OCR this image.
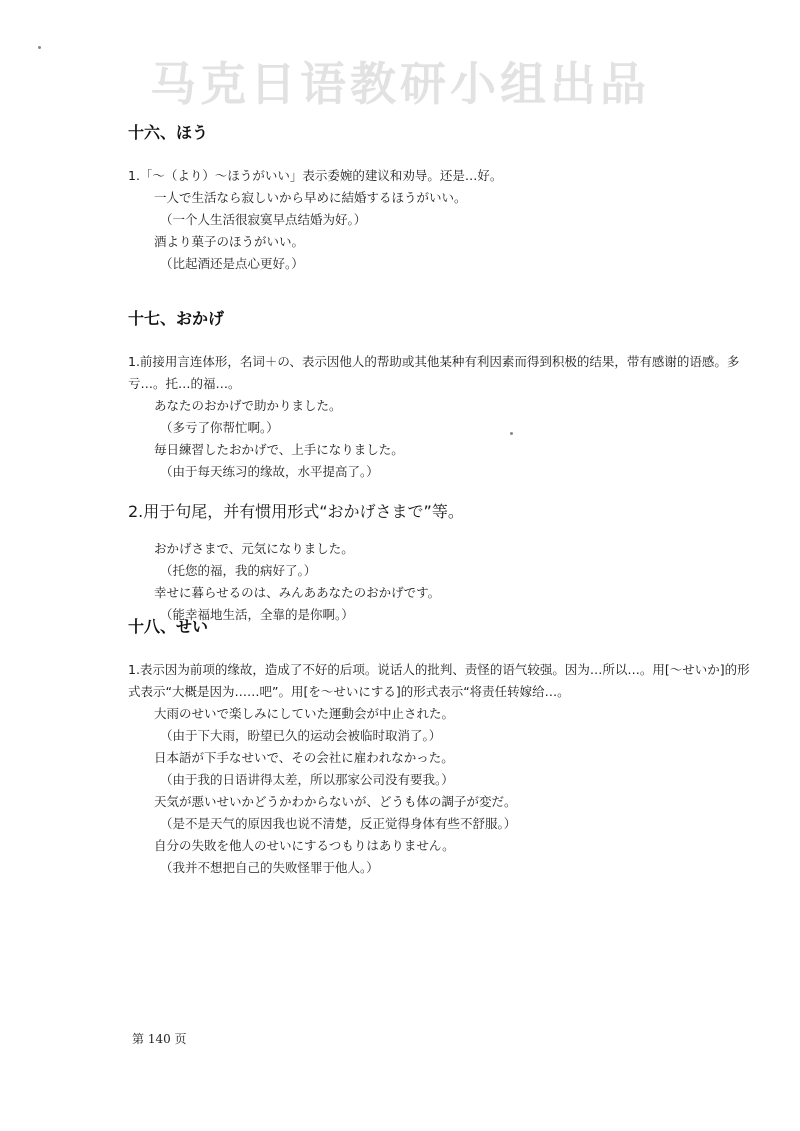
马克日语教研小组出品
十六、ほう

1.「～（より）～ほうがいい」表示委婉的建议和劝导。还是…好。

一人で生活なら寂しいから早めに結婚するほうがいい。
（一个人生活很寂寞早点结婚为好。）
酒より菓子のほうがいい。
（比起酒还是点心更好。）
十七、おかげ

1.前接用言连体形，名词＋の、表示因他人的帮助或其他某种有利因素而得到积极的结果，带有感谢的语感。多亏…。托…的福…。

あなたのおかげで助かりました。
（多亏了你帮忙啊。）
毎日練習したおかげで、上手になりました。
（由于每天练习的缘故，水平提高了。）

2.用于句尾，并有惯用形式“おかげさまで”等。

おかげさまで、元気になりました。
（托您的福，我的病好了。）
幸せに暮らせるのは、みんああなたのおかげです。
（能幸福地生活，全靠的是你啊。）
十八、せい

1.表示因为前项的缘故，造成了不好的后项。说话人的批判、责怪的语气较强。因为…所以…。用[～せいか]的形式表示“大概是因为……吧”。用[を～せいにする]的形式表示“将责任转嫁给…。

大雨のせいで楽しみにしていた運動会が中止された。
（由于下大雨，盼望已久的运动会被临时取消了。）
日本語が下手なせいで、その会社に雇われなかった。
（由于我的日语讲得太差，所以那家公司没有要我。）
天気が悪いせいかどうかわからないが、どうも体の調子が変だ。
（是不是天气的原因我也说不清楚，反正觉得身体有些不舒服。）
自分の失敗を他人のせいにするつもりはありません。
（我并不想把自己的失败怪罪于他人。）
第 140 页
